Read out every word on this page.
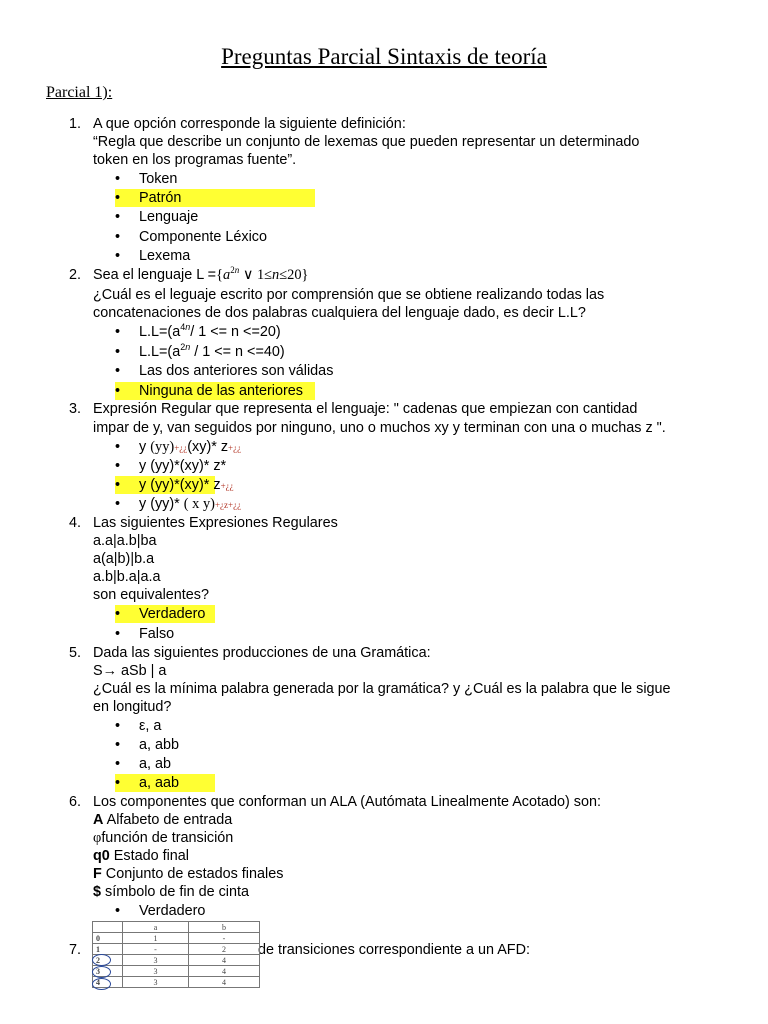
Preguntas Parcial Sintaxis de teoría
Parcial 1):
1. A que opción corresponde la siguiente definición:
“Regla que describe un conjunto de lexemas que pueden representar un determinado
token en los programas fuente”.
• Token
•	Patrón
• Lenguaje
• Componente Léxico
• Lexema
2. Sea el lenguaje $L =\{a^{2n}$ ∨ 1≤n≤20}
¿Cuál es el leguaje escrito por comprensión que se obtiene realizando todas las
concatenaciones de dos palabras cualquiera del lenguaje dado, es decir L.L?
• $L.L=(a^{4n}/$ 1 <= n <=20)
• $L.L=(a^{2n} / 1 <= n <=40)$
• Las dos anteriores son válidas
•	Ninguna de las anteriores
3. Expresión Regular que representa el lenguaje: " cadenas que empiezan con cantidad
impar de y, van seguidos por ninguno, uno o muchos xy y terminan con una o muchas z ".
• y (yy)+¿¿(xy)* z+¿¿
• y (yy)*(xy)* z*
•	y (yy)*(xy)* z+¿¿
• y (yy)* ( x y)+¿z+¿¿
4. Las siguientes Expresiones Regulares
a.a|a.b|ba
a(a|b)|b.a
a.b|b.a|a.a
son equivalentes?
•	Verdadero
• Falso
5. Dada las siguientes producciones de una Gramática:
S→ aSb | a
¿Cuál es la mínima palabra generada por la gramática? y ¿Cuál es la palabra que le sigue
en longitud?
• ε, a
• a, abb
• a, ab
•	a, aab
6. Los componentes que conforman un ALA (Autómata Linealmente Acotado) son:
A Alfabeto de entrada
φfunción de transición
q0 Estado final
F Conjunto de estados finales
$ símbolo de fin de cinta
• Verdadero
7.	de transiciones correspondiente a un AFD:
	a	b
0	1	-
1	-	2
2	3	4
3	3	4
4	3	4
